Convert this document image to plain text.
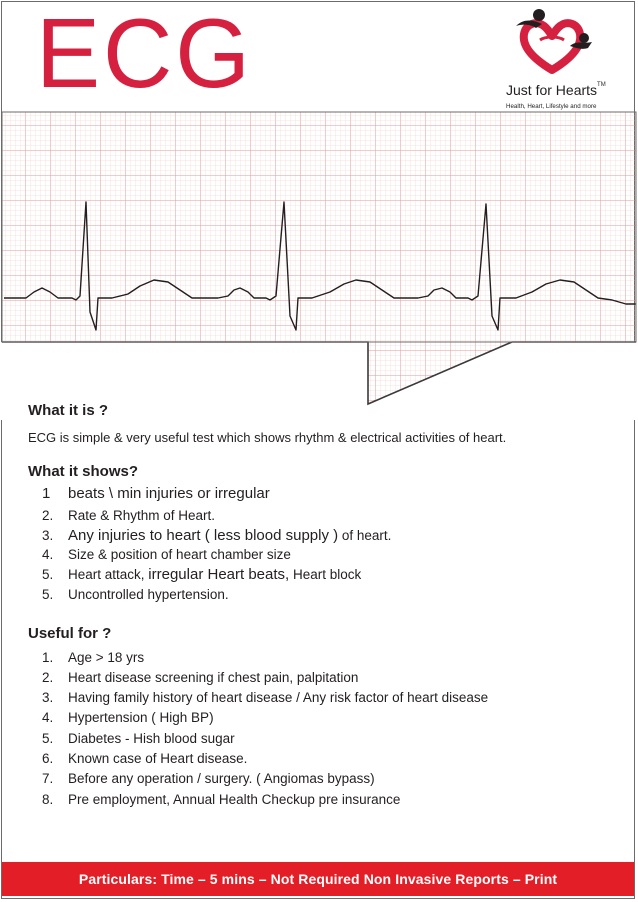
ECG	Just for Hearts™
Health, Heart, Lifestyle and more
What it is ?
ECG is simple & very useful test which shows rhythm & electrical activities of heart.
What it shows?
1 beats \ min injuries or irregular
2. Rate & Rhythm of Heart.
3. Any injuries to heart ( less blood supply ) of heart.
4. Size & position of heart chamber size
5. Heart attack, irregular Heart beats, Heart block
5. Uncontrolled hypertension.
Useful for ?
1. Age > 18 yrs
2. Heart disease screening if chest pain, palpitation
3. Having family history of heart disease / Any risk factor of heart disease
4. Hypertension ( High BP)
5. Diabetes - Hish blood sugar
6. Known case of Heart disease.
7. Before any operation / surgery. ( Angiomas bypass)
8. Pre employment, Annual Health Checkup pre insurance
Particulars: Time – 5 mins – Not Required Non Invasive Reports – Print
